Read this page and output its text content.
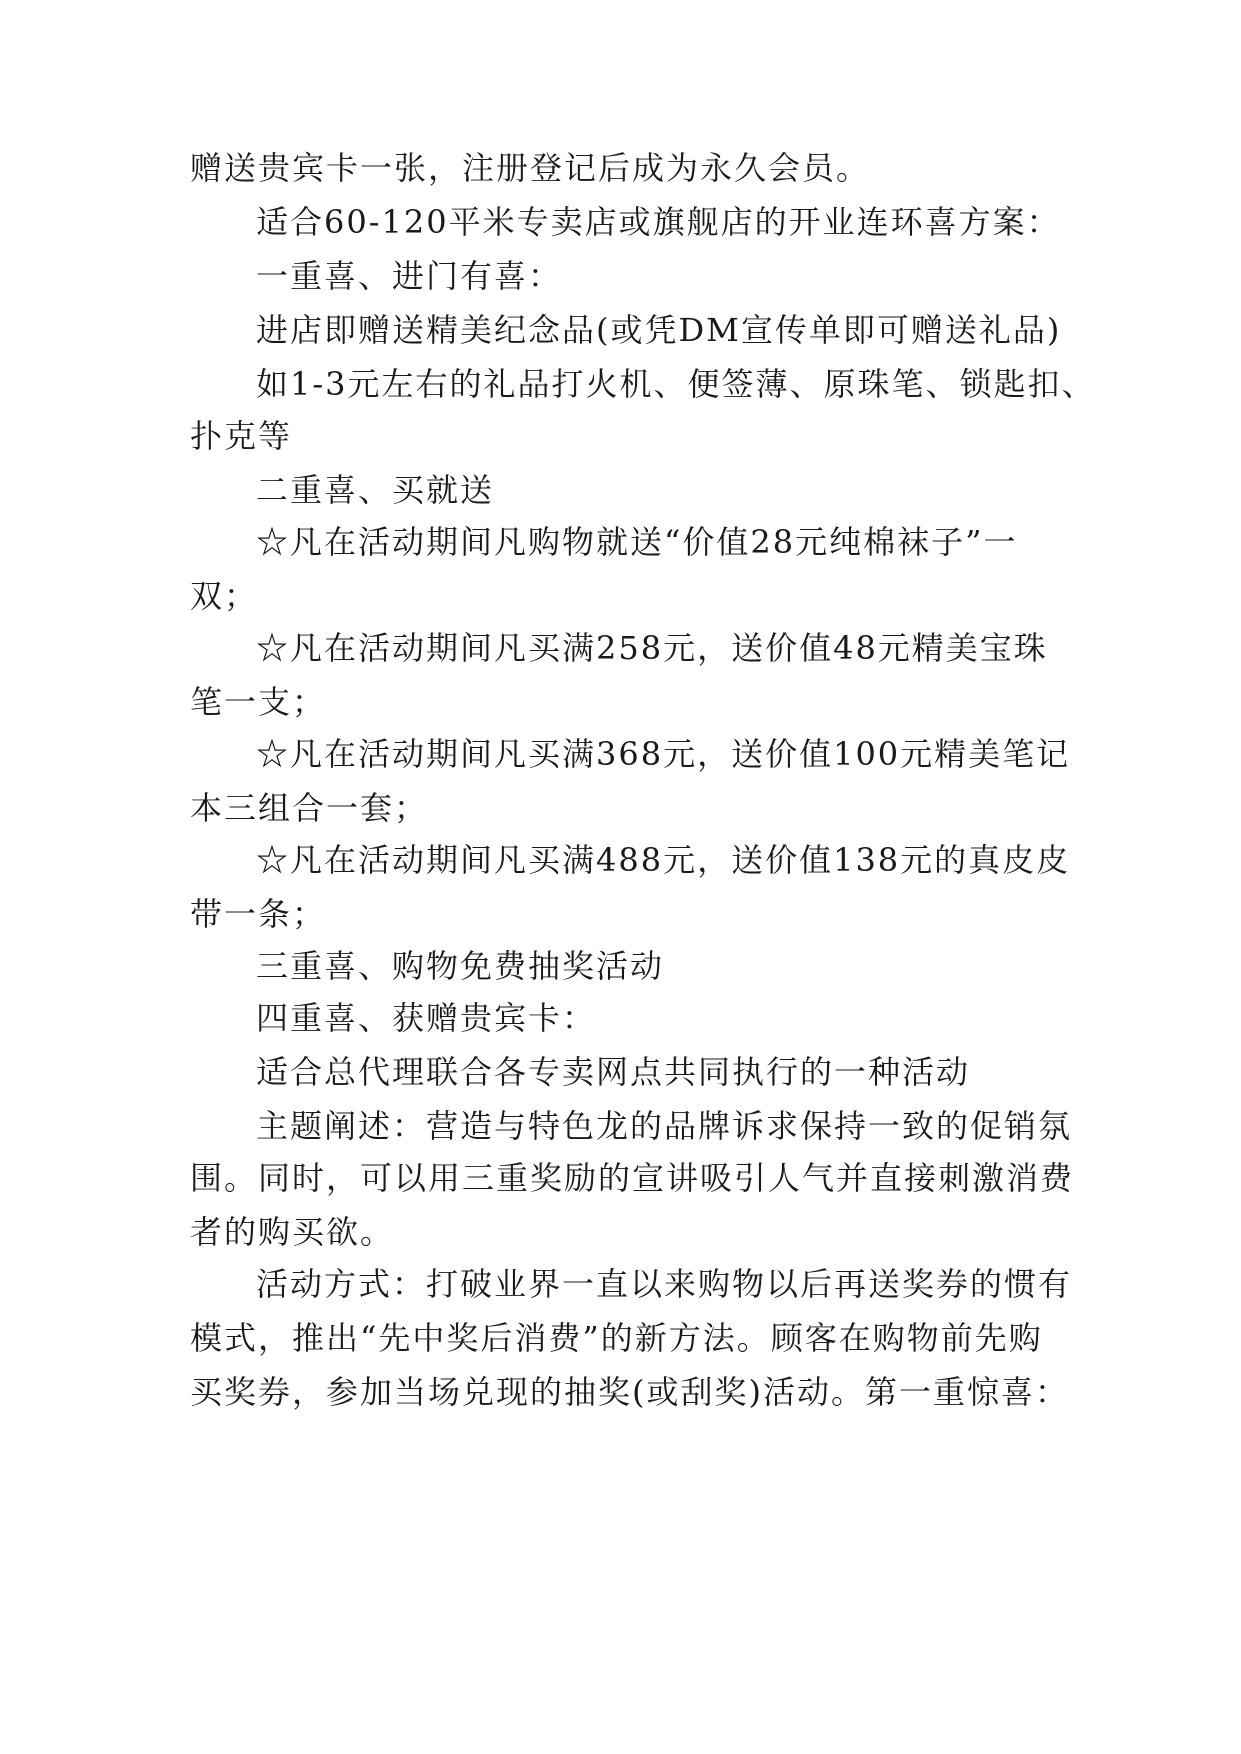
赠送贵宾卡一张，注册登记后成为永久会员。
适合60-120平米专卖店或旗舰店的开业连环喜方案：
一重喜、进门有喜：
进店即赠送精美纪念品(或凭DM宣传单即可赠送礼品)
如1-3元左右的礼品打火机、便签薄、原珠笔、锁匙扣、
扑克等
二重喜、买就送
☆凡在活动期间凡购物就送“价值28元纯棉袜子”一
双；
☆凡在活动期间凡买满258元，送价值48元精美宝珠
笔一支；
☆凡在活动期间凡买满368元，送价值100元精美笔记
本三组合一套；
☆凡在活动期间凡买满488元，送价值138元的真皮皮
带一条；
三重喜、购物免费抽奖活动
四重喜、获赠贵宾卡：
适合总代理联合各专卖网点共同执行的一种活动
主题阐述：营造与特色龙的品牌诉求保持一致的促销氛
围。同时，可以用三重奖励的宣讲吸引人气并直接刺激消费
者的购买欲。
活动方式：打破业界一直以来购物以后再送奖券的惯有
模式，推出“先中奖后消费”的新方法。顾客在购物前先购
买奖券，参加当场兑现的抽奖(或刮奖)活动。第一重惊喜：
